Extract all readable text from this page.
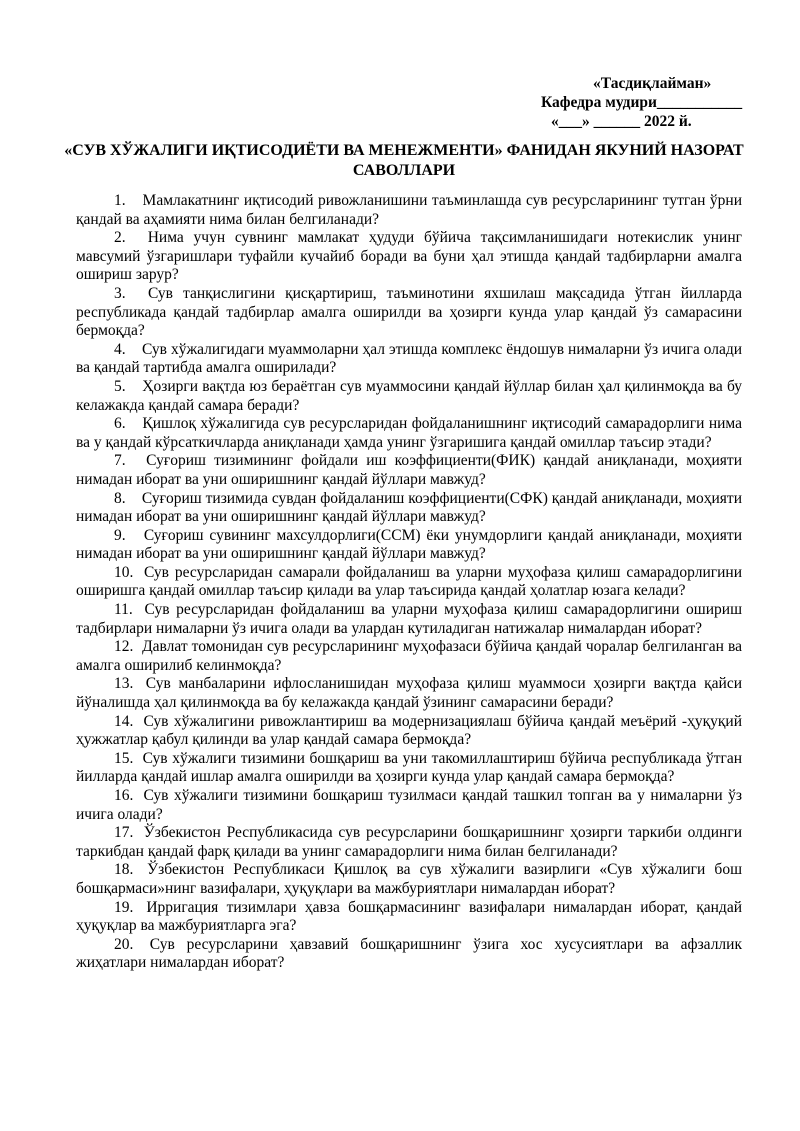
«Тасдиқлайман»
Кафедра мудири___________
«___» ______ 2022 й.
«СУВ ХЎЖАЛИГИ ИҚТИСОДИЁТИ ВА МЕНЕЖМЕНТИ» ФАНИДАН ЯКУНИЙ НАЗОРАТ САВОЛЛАРИ
1. Мамлакатнинг иқтисодий ривожланишини таъминлашда сув ресурсларининг тутган ўрни қандай ва аҳамияти нима билан белгиланади?
2. Нима учун сувнинг мамлакат ҳудуди бўйича тақсимланишидаги нотекислик унинг мавсумий ўзгаришлари туфайли кучайиб боради ва буни ҳал этишда қандай тадбирларни амалга ошириш зарур?
3. Сув танқислигини қисқартириш, таъминотини яхшилаш мақсадида ўтган йилларда республикада қандай тадбирлар амалга оширилди ва ҳозирги кунда улар қандай ўз самарасини бермоқда?
4. Сув хўжалигидаги муаммоларни ҳал этишда комплекс ёндошув нималарни ўз ичига олади ва қандай тартибда амалга оширилади?
5. Ҳозирги вақтда юз бераётган сув муаммосини қандай йўллар билан ҳал қилинмоқда ва бу келажакда қандай самара беради?
6. Қишлоқ хўжалигида сув ресурсларидан фойдаланишнинг иқтисодий самарадорлиги нима ва у қандай кўрсаткичларда аниқланади ҳамда унинг ўзгаришига қандай омиллар таъсир этади?
7. Суғориш тизимининг фойдали иш коэффициенти(ФИК) қандай аниқланади, моҳияти нимадан иборат ва уни оширишнинг қандай йўллари мавжуд?
8. Суғориш тизимида сувдан фойдаланиш коэффициенти(СФК) қандай аниқланади, моҳияти нимадан иборат ва уни оширишнинг қандай йўллари мавжуд?
9. Суғориш сувининг махсулдорлиги(ССМ) ёки унумдорлиги қандай аниқланади, моҳияти нимадан иборат ва уни оширишнинг қандай йўллари мавжуд?
10. Сув ресурсларидан самарали фойдаланиш ва уларни муҳофаза қилиш самарадорлигини оширишга қандай омиллар таъсир қилади ва улар таъсирида қандай ҳолатлар юзага келади?
11. Сув ресурсларидан фойдаланиш ва уларни муҳофаза қилиш самарадорлигини ошириш тадбирлари нималарни ўз ичига олади ва улардан кутиладиган натижалар нималардан иборат?
12. Давлат томонидан сув ресурсларининг муҳофазаси бўйича қандай чоралар белгиланган ва амалга оширилиб келинмоқда?
13. Сув манбаларини ифлосланишидан муҳофаза қилиш муаммоси ҳозирги вақтда қайси йўналишда ҳал қилинмоқда ва бу келажакда қандай ўзининг самарасини беради?
14. Сув хўжалигини ривожлантириш ва модернизациялаш бўйича қандай меъёрий -ҳуқуқий ҳужжатлар қабул қилинди ва улар қандай самара бермоқда?
15. Сув хўжалиги тизимини бошқариш ва уни такомиллаштириш бўйича республикада ўтган йилларда қандай ишлар амалга оширилди ва ҳозирги кунда улар қандай самара бермоқда?
16. Сув хўжалиги тизимини бошқариш тузилмаси қандай ташкил топган ва у нималарни ўз ичига олади?
17. Ўзбекистон Республикасида сув ресурсларини бошқаришнинг ҳозирги таркиби олдинги таркибдан қандай фарқ қилади ва унинг самарадорлиги нима билан белгиланади?
18. Ўзбекистон Республикаси Қишлоқ ва сув хўжалиги вазирлиги «Сув хўжалиги бош бошқармаси»нинг вазифалари, ҳуқуқлари ва мажбуриятлари нималардан иборат?
19. Ирригация тизимлари ҳавза бошқармасининг вазифалари нималардан иборат, қандай ҳуқуқлар ва мажбуриятларга эга?
20. Сув ресурсларини ҳавзавий бошқаришнинг ўзига хос хусусиятлари ва афзаллик жиҳатлари нималардан иборат?
